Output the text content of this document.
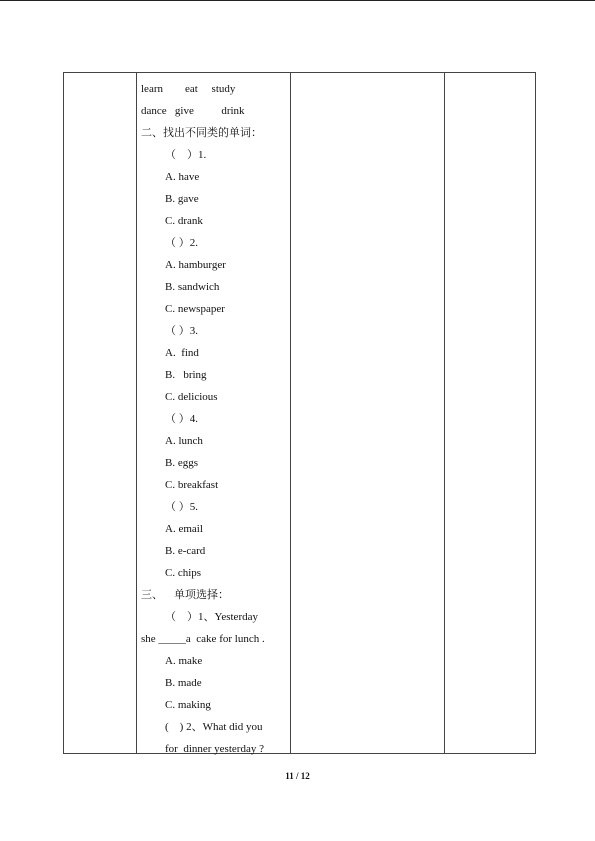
learn        eat     study
dance   give          drink
二、找出不同类的单词：
（    ）1.
A. have
B. gave
C. drank
（ ）2.
A. hamburger
B. sandwich
C. newspaper
（ ）3.
A.  find
B.   bring
C. delicious
（ ）4.
A. lunch
B. eggs
C. breakfast
（ ）5.
A. email
B. e-card
C. chips
三、    单项选择：
（    ）1、Yesterday
she _____a  cake for lunch .
A. make
B. made
C. making
(    ) 2、What did you
for  dinner yesterday ?
11 / 12
